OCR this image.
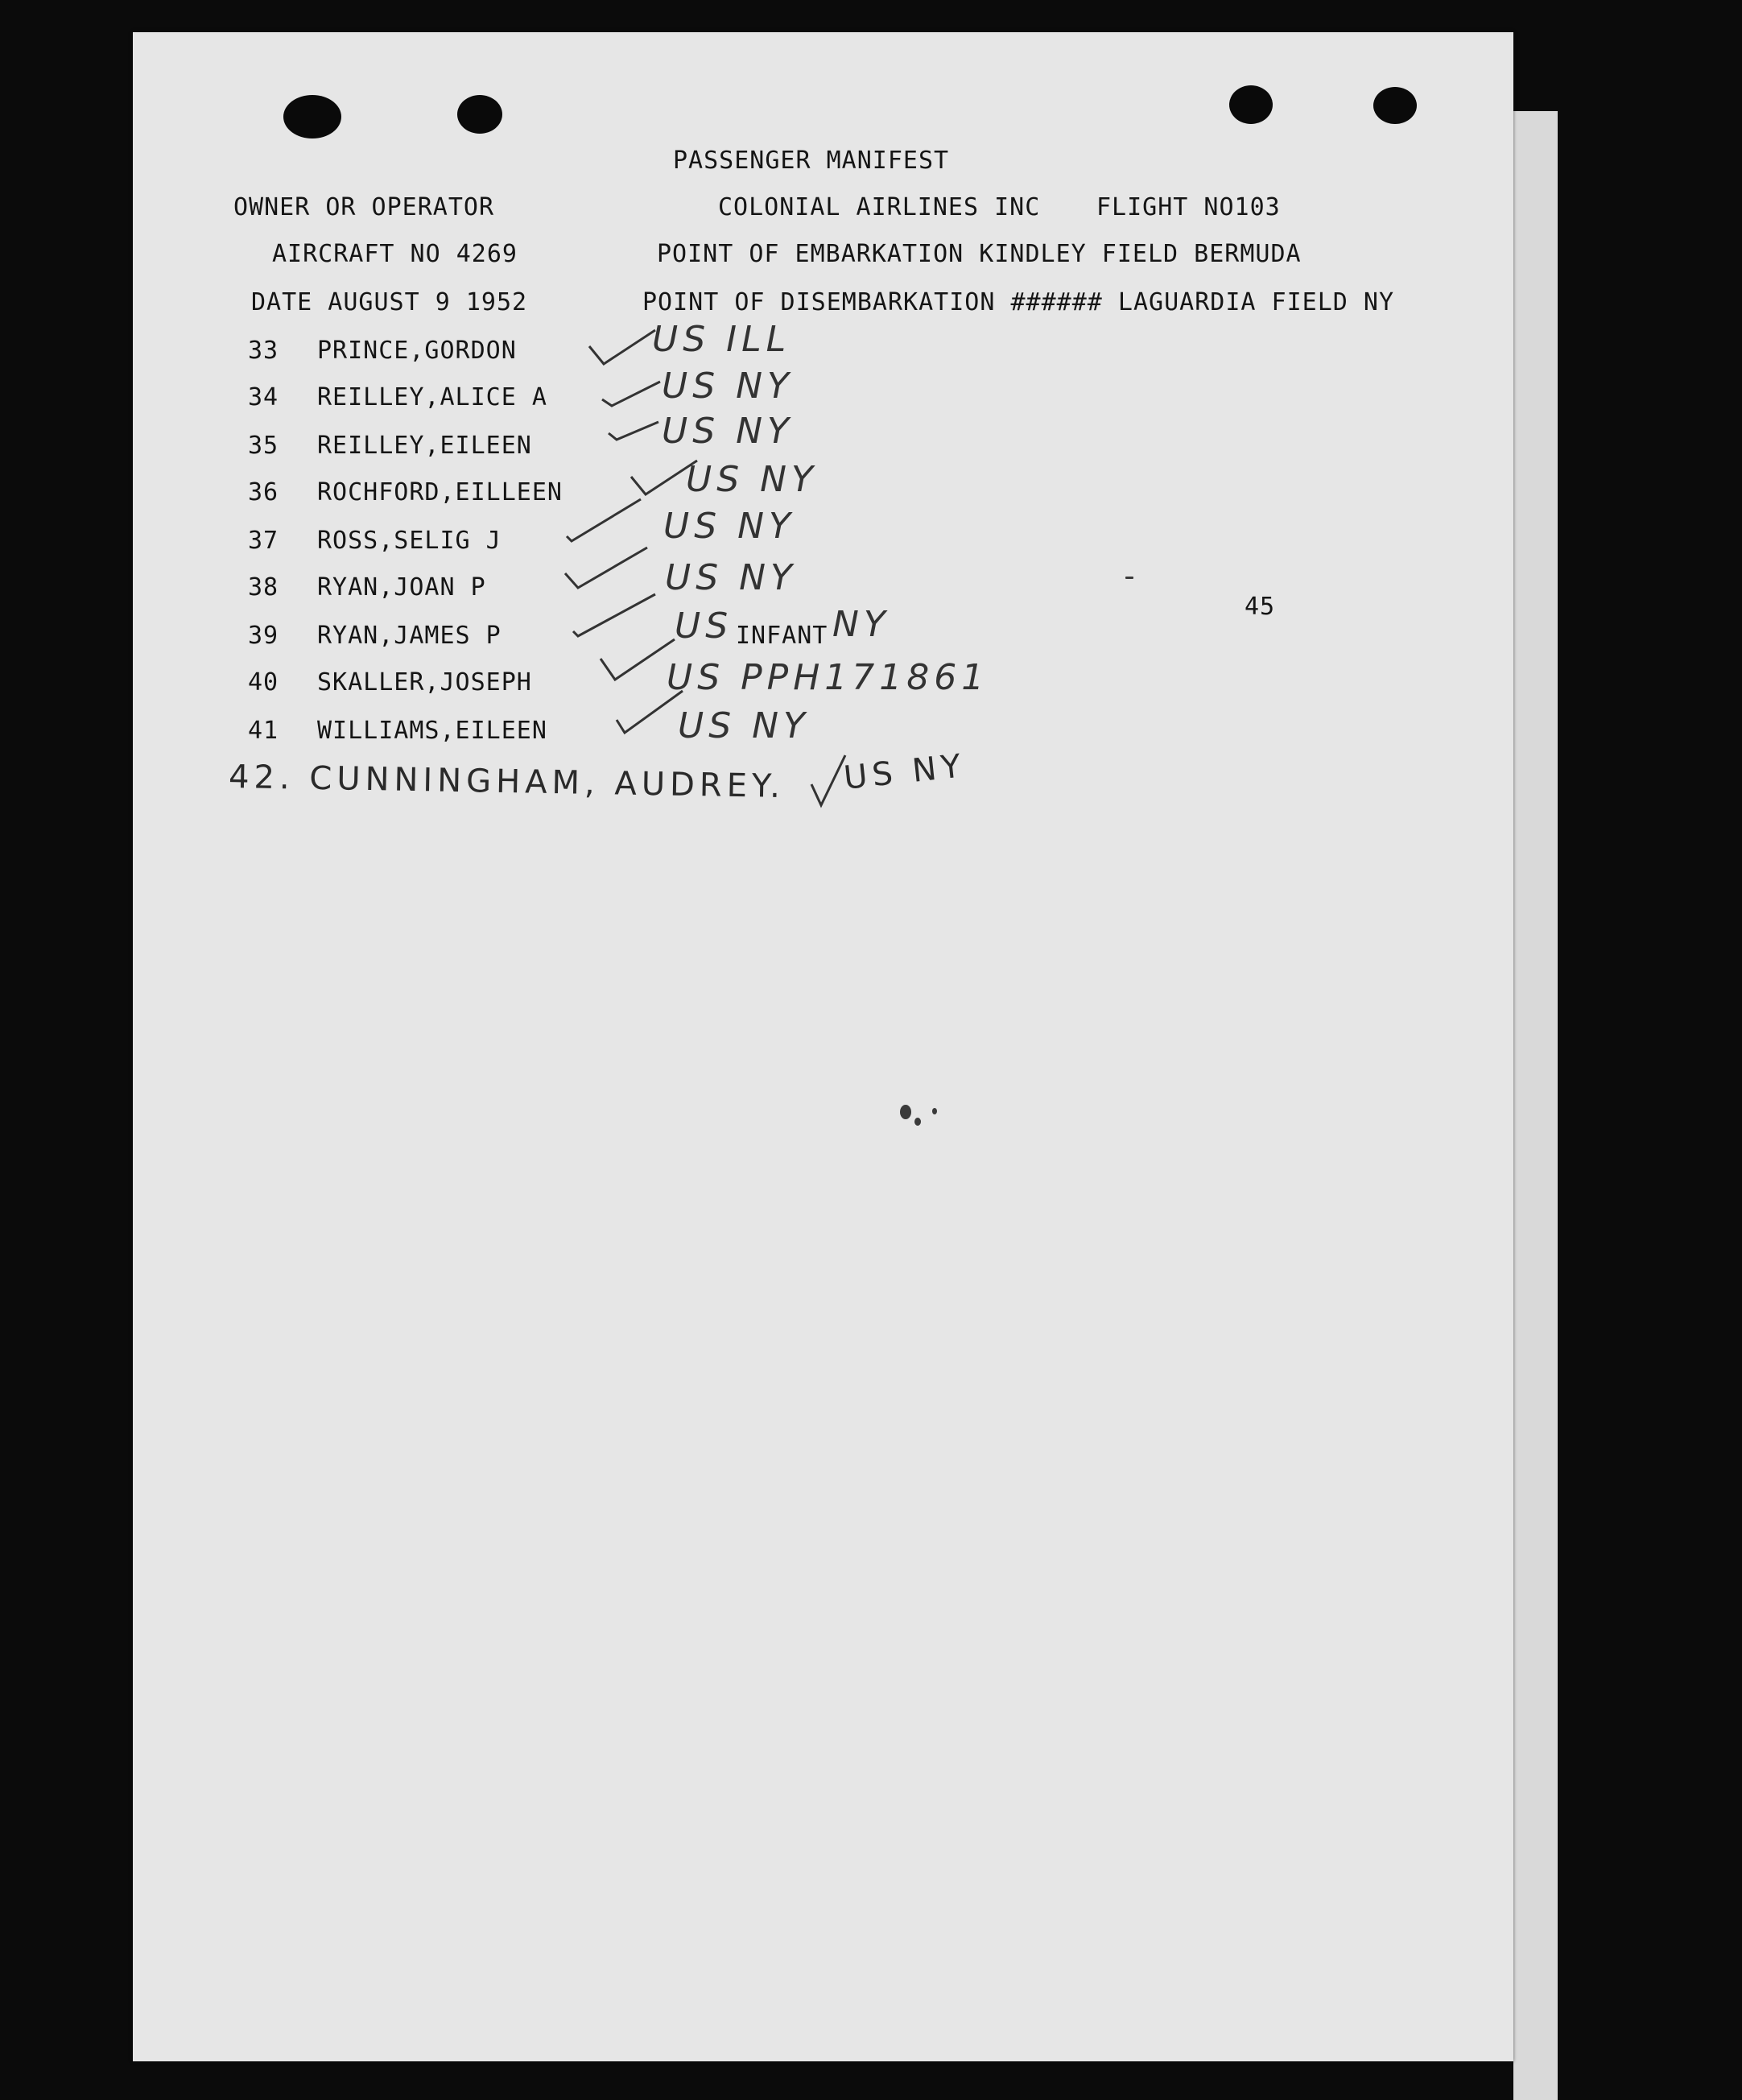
PASSENGER MANIFEST
OWNER OR OPERATOR	COLONIAL AIRLINES INC FLIGHT NO103
AIRCRAFT NO 4269	POINT OF EMBARKATION KINDLEY FIELD BERMUDA
DATE AUGUST 9 1952	POINT OF DISEMBARKATION ###### LAGUARDIA FIELD NY
33 PRINCE,GORDON	US ILL
34 REILLEY,ALICE A	US NY
35 REILLEY,EILEEN	US NY
36 ROCHFORD,EILLEEN	US NY
37 ROSS,SELIG J	US NY
38 RYAN,JOAN P	US NY
39 RYAN,JAMES P	US INFANT NY
40 SKALLER,JOSEPH	US PPH171861
41 WILLIAMS,EILEEN	US NY
42. CUNNINGHAM, AUDREY. US NY
45
